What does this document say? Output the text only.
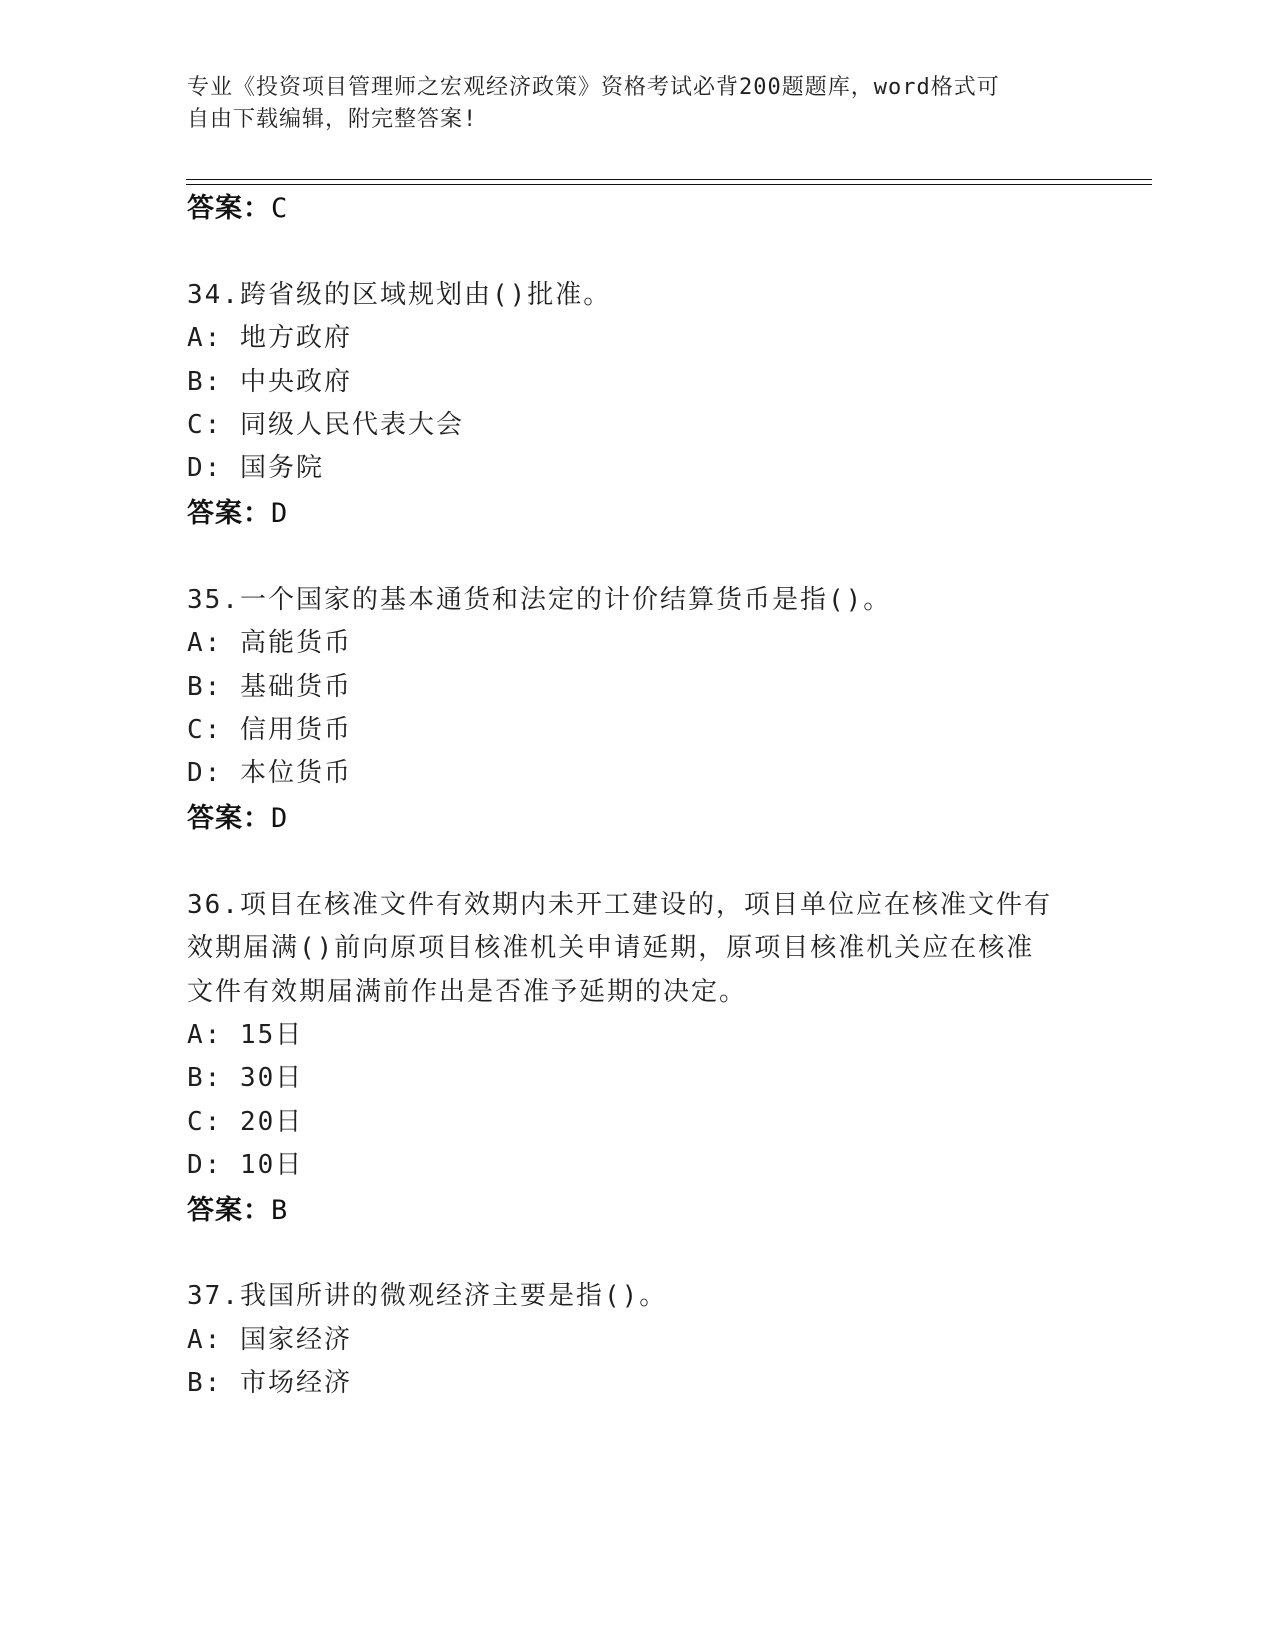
专业《投资项目管理师之宏观经济政策》资格考试必背200题题库，word格式可
自由下载编辑，附完整答案!
答案：C
34.跨省级的区域规划由()批准。
A: 地方政府
B: 中央政府
C: 同级人民代表大会
D: 国务院
答案：D
35.一个国家的基本通货和法定的计价结算货币是指()。
A: 高能货币
B: 基础货币
C: 信用货币
D: 本位货币
答案：D
36.项目在核准文件有效期内未开工建设的，项目单位应在核准文件有
效期届满()前向原项目核准机关申请延期，原项目核准机关应在核准
文件有效期届满前作出是否准予延期的决定。
A: 15日
B: 30日
C: 20日
D: 10日
答案：B
37.我国所讲的微观经济主要是指()。
A: 国家经济
B: 市场经济
